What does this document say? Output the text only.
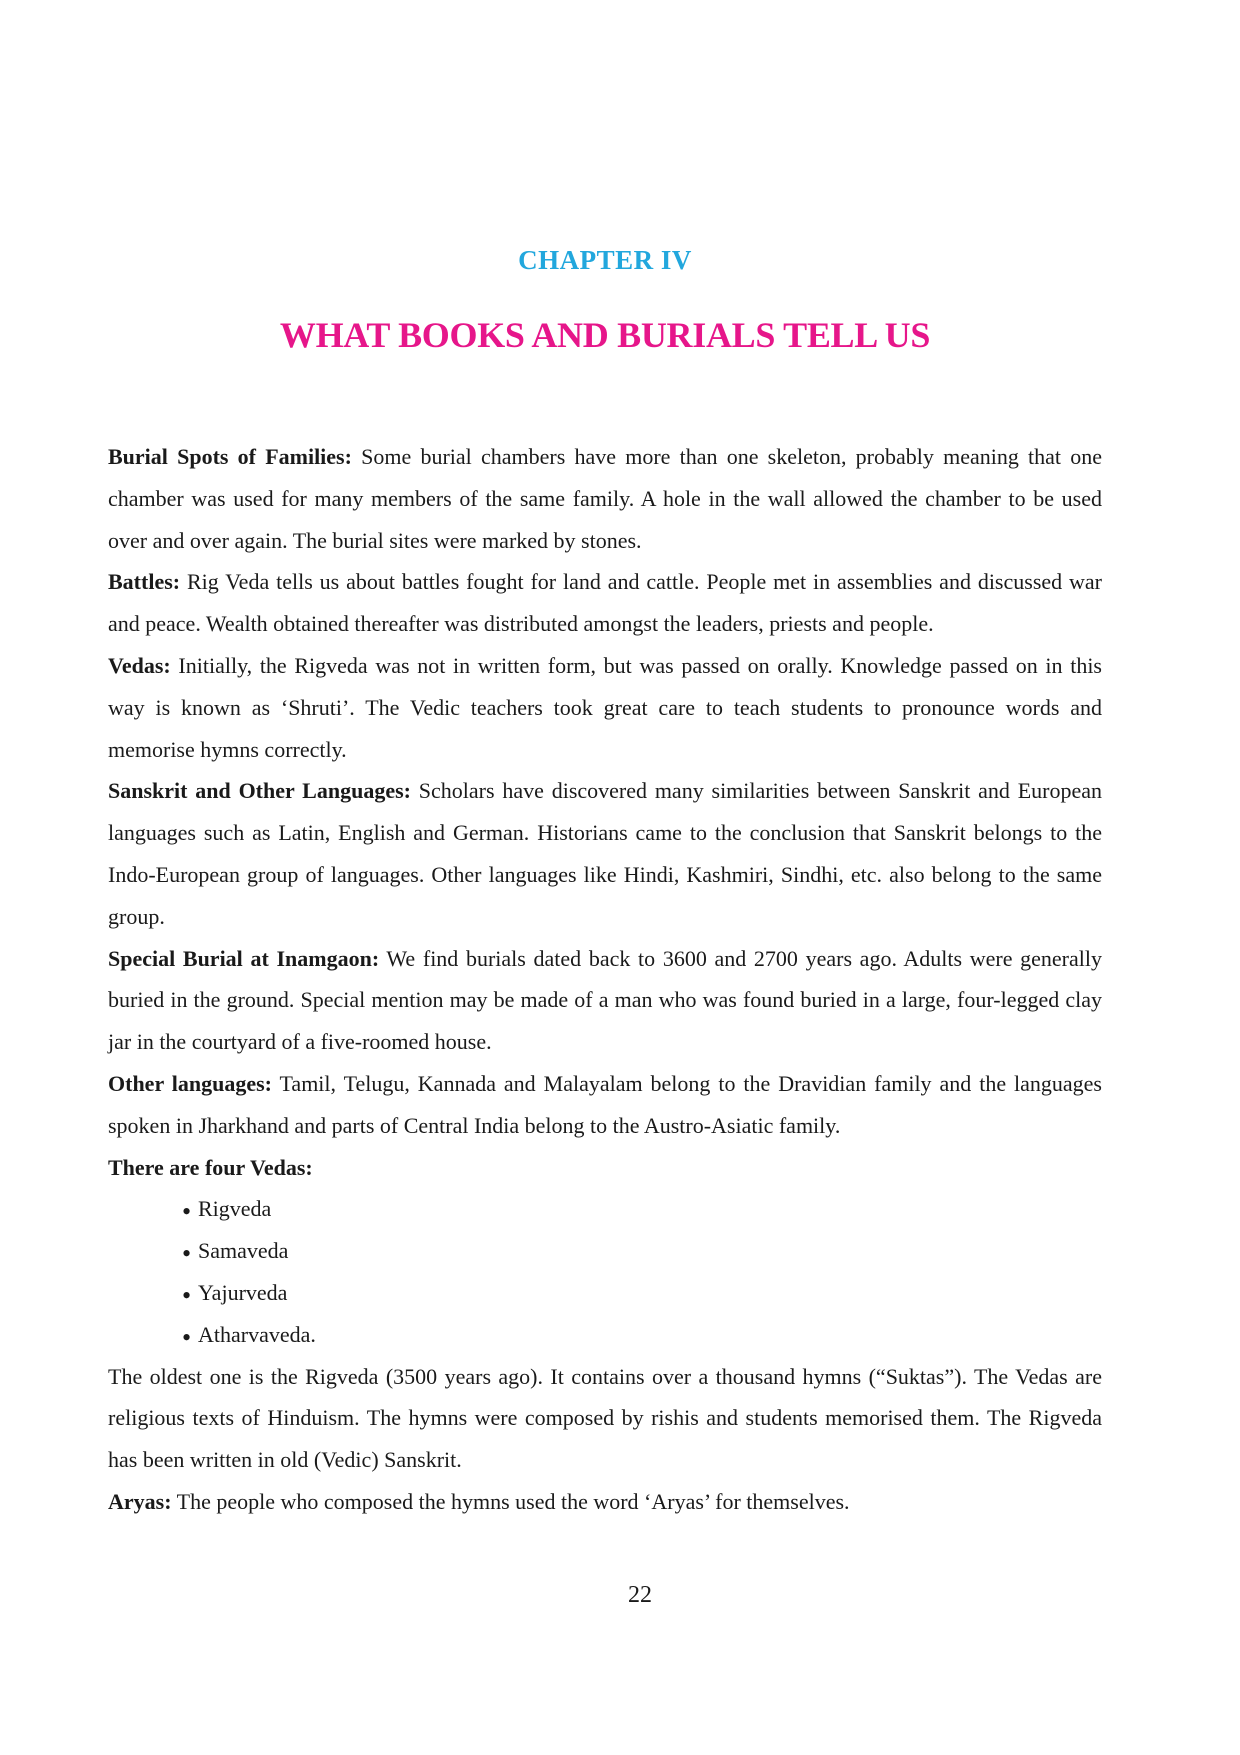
CHAPTER IV
WHAT BOOKS AND BURIALS TELL US

Burial Spots of Families: Some burial chambers have more than one skeleton, probably meaning that one chamber was used for many members of the same family. A hole in the wall allowed the chamber to be used over and over again. The burial sites were marked by stones.

Battles: Rig Veda tells us about battles fought for land and cattle. People met in assemblies and discussed war and peace. Wealth obtained thereafter was distributed amongst the leaders, priests and people.

Vedas: Initially, the Rigveda was not in written form, but was passed on orally. Knowledge passed on in this way is known as ‘Shruti’. The Vedic teachers took great care to teach students to pronounce words and memorise hymns correctly.

Sanskrit and Other Languages: Scholars have discovered many similarities between Sanskrit and European languages such as Latin, English and German. Historians came to the conclusion that Sanskrit belongs to the Indo-European group of languages. Other languages like Hindi, Kashmiri, Sindhi, etc. also belong to the same group.

Special Burial at Inamgaon: We find burials dated back to 3600 and 2700 years ago. Adults were generally buried in the ground. Special mention may be made of a man who was found buried in a large, four-legged clay jar in the courtyard of a five-roomed house.

Other languages: Tamil, Telugu, Kannada and Malayalam belong to the Dravidian family and the languages spoken in Jharkhand and parts of Central India belong to the Austro-Asiatic family.

There are four Vedas:

• Rigveda
• Samaveda
• Yajurveda
• Atharvaveda.

The oldest one is the Rigveda (3500 years ago). It contains over a thousand hymns (“Suktas”). The Vedas are religious texts of Hinduism. The hymns were composed by rishis and students memorised them. The Rigveda has been written in old (Vedic) Sanskrit.

Aryas: The people who composed the hymns used the word ‘Aryas’ for themselves.

22
